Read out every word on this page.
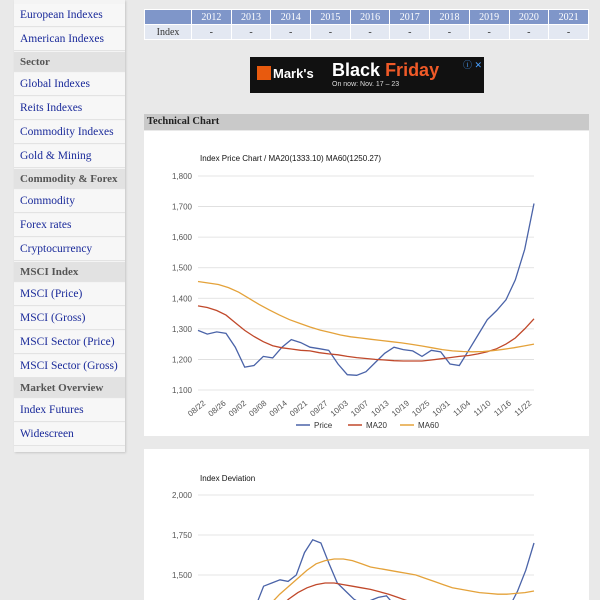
European Indexes
American Indexes
Sector
Global Indexes
Reits Indexes
Commodity Indexes
Gold & Mining
Commodity & Forex
Commodity
Forex rates
Cryptocurrency
MSCI Index
MSCI (Price)
MSCI (Gross)
MSCI Sector (Price)
MSCI Sector (Gross)
Market Overview
Index Futures
Widescreen
	2012	2013	2014	2015	2016	2017	2018	2019	2020	2021
Index	-	-	-	-	-	-	-	-	-	-
Mark's Black Friday
On now: Nov. 17 – 23
ⓘ ✕
Technical Chart
Index Price Chart / MA20(1333.10) MA60(1250.27)
1,100
1,200
1,300
1,400
1,500
1,600
1,700
1,800
08/22 08/26 09/02 09/08 09/14 09/21 09/27 10/03 10/07 10/13 10/19 10/25 10/31 11/04 11/10 11/16 11/22
Price	MA20	MA60
Index Deviation
2,000
1,750
1,500
